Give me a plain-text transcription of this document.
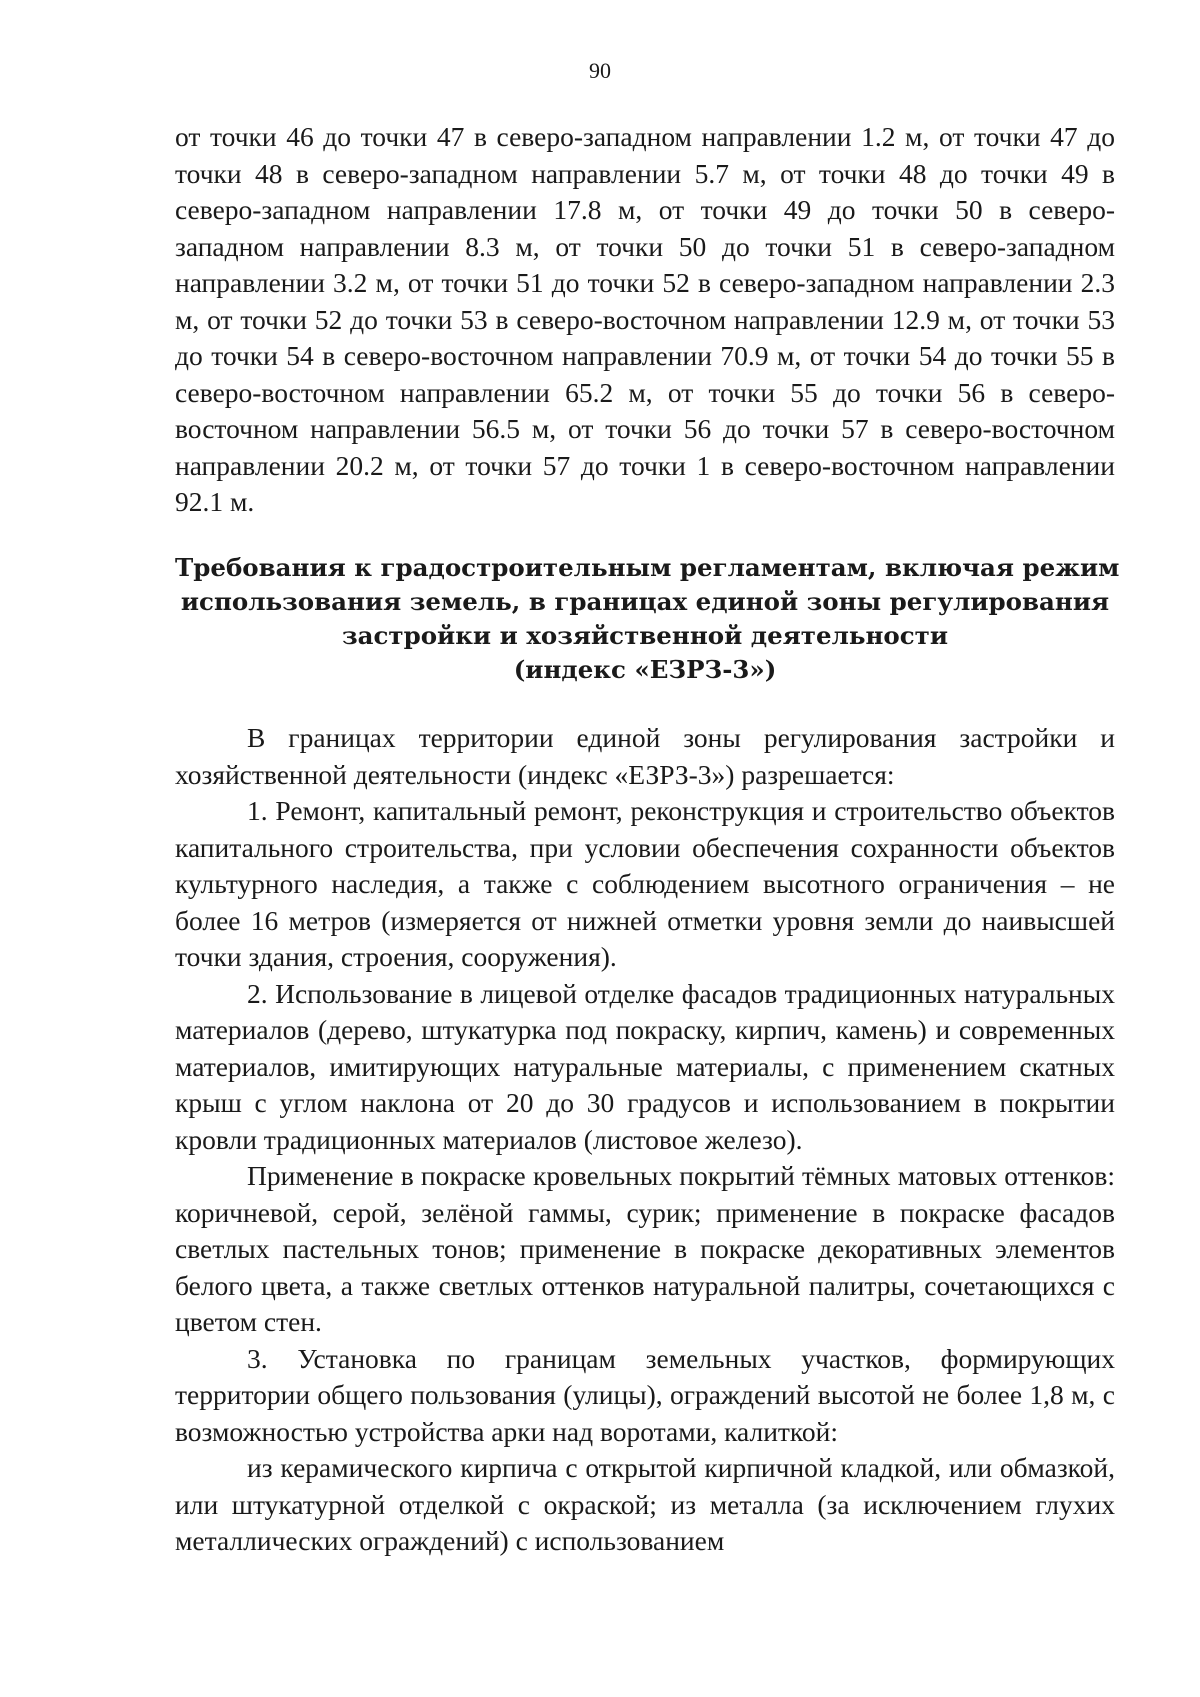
90

от точки 46 до точки 47 в северо-западном направлении 1.2 м, от точки 47 до точки 48 в северо-западном направлении 5.7 м, от точки 48 до точки 49 в северо-западном направлении 17.8 м, от точки 49 до точки 50 в северо-западном направлении 8.3 м, от точки 50 до точки 51 в северо-западном направлении 3.2 м, от точки 51 до точки 52 в северо-западном направлении 2.3 м, от точки 52 до точки 53 в северо-восточном направлении 12.9 м, от точки 53 до точки 54 в северо-восточном направлении 70.9 м, от точки 54 до точки 55 в северо-восточном направлении 65.2 м, от точки 55 до точки 56 в северо-восточном направлении 56.5 м, от точки 56 до точки 57 в северо-восточном направлении 20.2 м, от точки 57 до точки 1 в северо-восточном направлении 92.1 м.

Требования к градостроительным регламентам, включая режим
использования земель, в границах единой зоны регулирования
застройки и хозяйственной деятельности
(индекс «ЕЗРЗ-3»)

В границах территории единой зоны регулирования застройки и хозяйственной деятельности (индекс «ЕЗРЗ-3») разрешается:

1. Ремонт, капитальный ремонт, реконструкция и строительство объектов капитального строительства, при условии обеспечения сохранности объектов культурного наследия, а также с соблюдением высотного ограничения – не более 16 метров (измеряется от нижней отметки уровня земли до наивысшей точки здания, строения, сооружения).

2. Использование в лицевой отделке фасадов традиционных натуральных материалов (дерево, штукатурка под покраску, кирпич, камень) и современных материалов, имитирующих натуральные материалы, с применением скатных крыш с углом наклона от 20 до 30 градусов и использованием в покрытии кровли традиционных материалов (листовое железо).

Применение в покраске кровельных покрытий тёмных матовых оттенков: коричневой, серой, зелёной гаммы, сурик; применение в покраске фасадов светлых пастельных тонов; применение в покраске декоративных элементов белого цвета, а также светлых оттенков натуральной палитры, сочетающихся с цветом стен.

3. Установка по границам земельных участков, формирующих территории общего пользования (улицы), ограждений высотой не более 1,8 м, с возможностью устройства арки над воротами, калиткой:

из керамического кирпича с открытой кирпичной кладкой, или обмазкой, или штукатурной отделкой с окраской; из металла (за исключением глухих металлических ограждений) с использованием
